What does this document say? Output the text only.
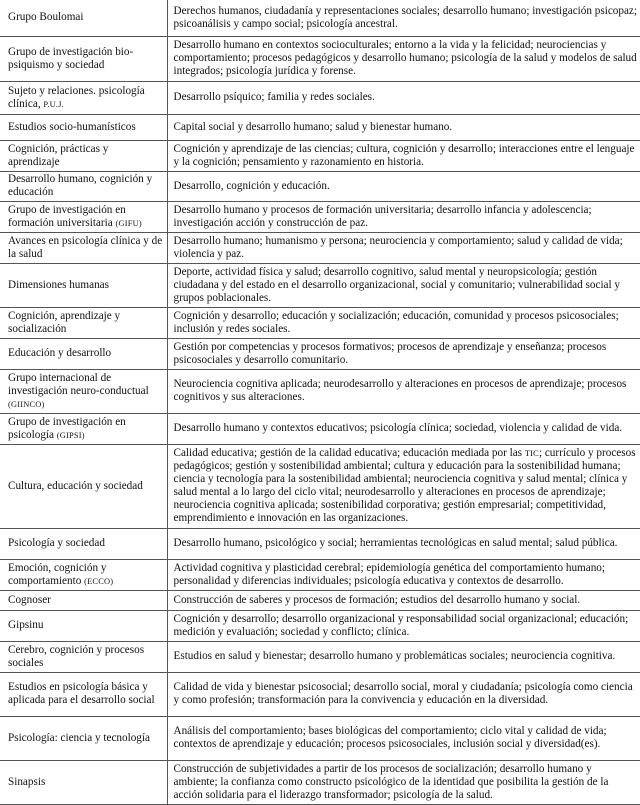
Grupo Boulomai	Derechos humanos, ciudadanía y representaciones sociales; desarrollo humano; investigación psicopaz; psicoanálisis y campo social; psicología ancestral.
Grupo de investigación bio-psiquismo y sociedad	Desarrollo humano en contextos socioculturales; entorno a la vida y la felicidad; neurociencias y comportamiento; procesos pedagógicos y desarrollo humano; psicología de la salud y modelos de salud integrados; psicología jurídica y forense.
Sujeto y relaciones. psicología clínica, P.U.J.	Desarrollo psíquico; familia y redes sociales.
Estudios socio-humanísticos	Capital social y desarrollo humano; salud y bienestar humano.
Cognición, prácticas y aprendizaje	Cognición y aprendizaje de las ciencias; cultura, cognición y desarrollo; interacciones entre el lenguaje y la cognición; pensamiento y razonamiento en historia.
Desarrollo humano, cognición y educación	Desarrollo, cognición y educación.
Grupo de investigación en formación universitaria (GIFU)	Desarrollo humano y procesos de formación universitaria; desarrollo infancia y adolescencia; investigación acción y construcción de paz.
Avances en psicología clínica y de la salud	Desarrollo humano; humanismo y persona; neurociencia y comportamiento; salud y calidad de vida; violencia y paz.
Dimensiones humanas	Deporte, actividad física y salud; desarrollo cognitivo, salud mental y neuropsicología; gestión ciudadana y del estado en el desarrollo organizacional, social y comunitario; vulnerabilidad social y grupos poblacionales.
Cognición, aprendizaje y socialización	Cognición y desarrollo; educación y socialización; educación, comunidad y procesos psicosociales; inclusión y redes sociales.
Educación y desarrollo	Gestión por competencias y procesos formativos; procesos de aprendizaje y enseñanza; procesos psicosociales y desarrollo comunitario.
Grupo internacional de investigación neuro-conductual (GIINCO)	Neurociencia cognitiva aplicada; neurodesarrollo y alteraciones en procesos de aprendizaje; procesos cognitivos y sus alteraciones.
Grupo de investigación en psicología (GIPSI)	Desarrollo humano y contextos educativos; psicología clínica; sociedad, violencia y calidad de vida.
Cultura, educación y sociedad	Calidad educativa; gestión de la calidad educativa; educación mediada por las TIC; currículo y procesos pedagógicos; gestión y sostenibilidad ambiental; cultura y educación para la sostenibilidad humana; ciencia y tecnología para la sostenibilidad ambiental; neurociencia cognitiva y salud mental; clínica y salud mental a lo largo del ciclo vital; neurodesarrollo y alteraciones en procesos de aprendizaje; neurociencia cognitiva aplicada; sostenibilidad corporativa; gestión empresarial; competitividad, emprendimiento e innovación en las organizaciones.
Psicología y sociedad	Desarrollo humano, psicológico y social; herramientas tecnológicas en salud mental; salud pública.
Emoción, cognición y comportamiento (ECCO)	Actividad cognitiva y plasticidad cerebral; epidemiología genética del comportamiento humano; personalidad y diferencias individuales; psicología educativa y contextos de desarrollo.
Cognoser	Construcción de saberes y procesos de formación; estudios del desarrollo humano y social.
Gipsinu	Cognición y desarrollo; desarrollo organizacional y responsabilidad social organizacional; educación; medición y evaluación; sociedad y conflicto; clínica.
Cerebro, cognición y procesos sociales	Estudios en salud y bienestar; desarrollo humano y problemáticas sociales; neurociencia cognitiva.
Estudios en psicología básica y aplicada para el desarrollo social	Calidad de vida y bienestar psicosocial; desarrollo social, moral y ciudadanía; psicología como ciencia y como profesión; transformación para la convivencia y educación en la diversidad.
Psicología: ciencia y tecnología	Análisis del comportamiento; bases biológicas del comportamiento; ciclo vital y calidad de vida; contextos de aprendizaje y educación; procesos psicosociales, inclusión social y diversidad(es).
Sinapsis	Construcción de subjetividades a partir de los procesos de socialización; desarrollo humano y ambiente; la confianza como constructo psicológico de la identidad que posibilita la gestión de la acción solidaria para el liderazgo transformador; psicología de la salud.
